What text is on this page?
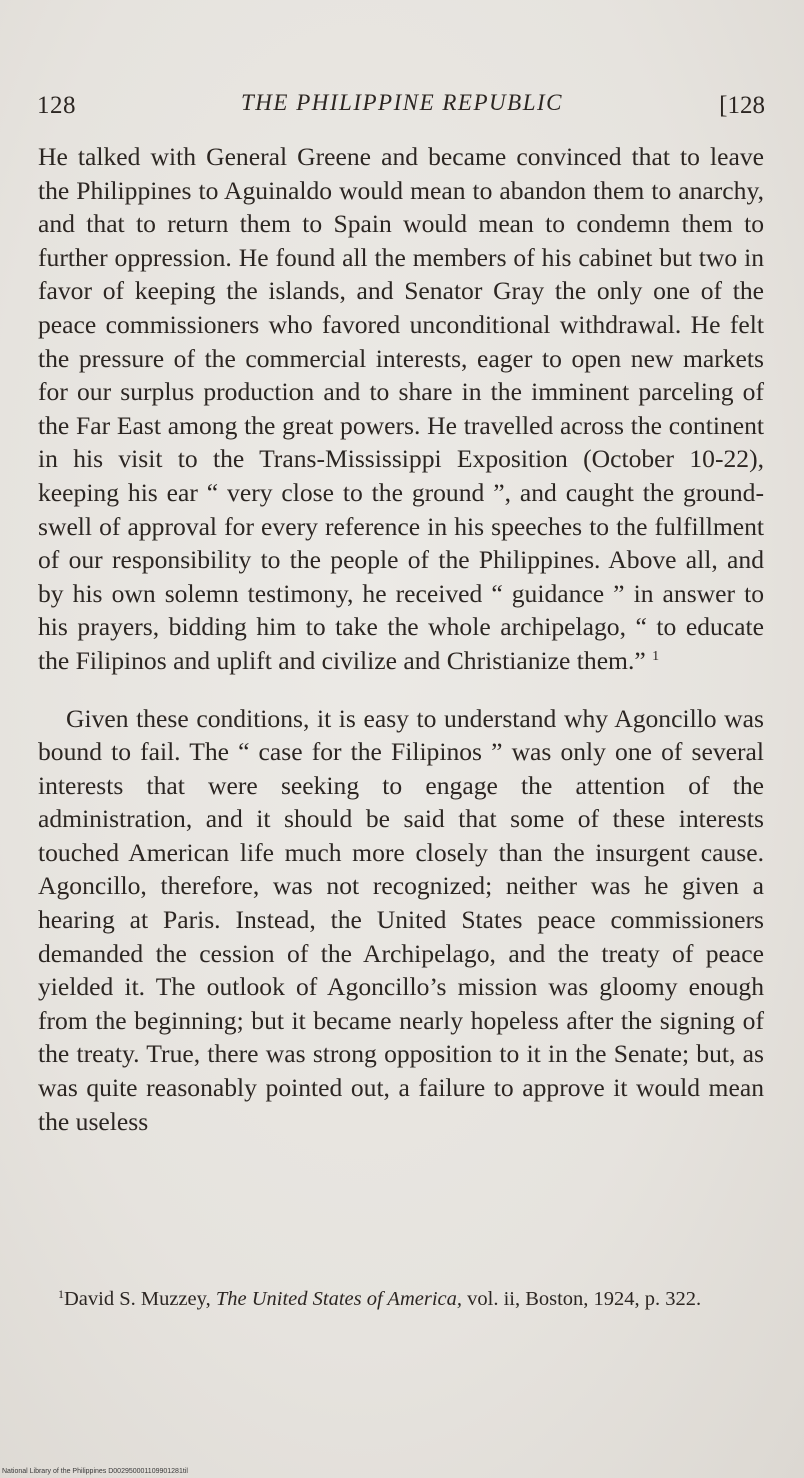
128	THE PHILIPPINE REPUBLIC	[128

He talked with General Greene and became convinced that to leave the Philippines to Aguinaldo would mean to abandon them to anarchy, and that to return them to Spain would mean to condemn them to further oppression. He found all the members of his cabinet but two in favor of keeping the islands, and Senator Gray the only one of the peace commissioners who favored unconditional withdrawal. He felt the pressure of the commercial interests, eager to open new markets for our surplus production and to share in the imminent parceling of the Far East among the great powers. He travelled across the continent in his visit to the Trans-Mississippi Exposition (October 10-22), keeping his ear “ very close to the ground ”, and caught the ground-swell of approval for every reference in his speeches to the fulfillment of our responsibility to the people of the Philippines. Above all, and by his own solemn testimony, he received “ guidance ” in answer to his prayers, bidding him to take the whole archipelago, “ to educate the Filipinos and uplift and civilize and Christianize them.” $^1$

Given these conditions, it is easy to understand why Agoncillo was bound to fail. The “ case for the Filipinos ” was only one of several interests that were seeking to engage the attention of the administration, and it should be said that some of these interests touched American life much more closely than the insurgent cause. Agoncillo, therefore, was not recognized; neither was he given a hearing at Paris. Instead, the United States peace commissioners demanded the cession of the Archipelago, and the treaty of peace yielded it. The outlook of Agoncillo’s mission was gloomy enough from the beginning; but it became nearly hopeless after the signing of the treaty. True, there was strong opposition to it in the Senate; but, as was quite reasonably pointed out, a failure to approve it would mean the useless

$^1$David S. Muzzey, The United States of America, vol. ii, Boston, 1924, p. 322.
National Library of the Philippines D002950001109901281til
